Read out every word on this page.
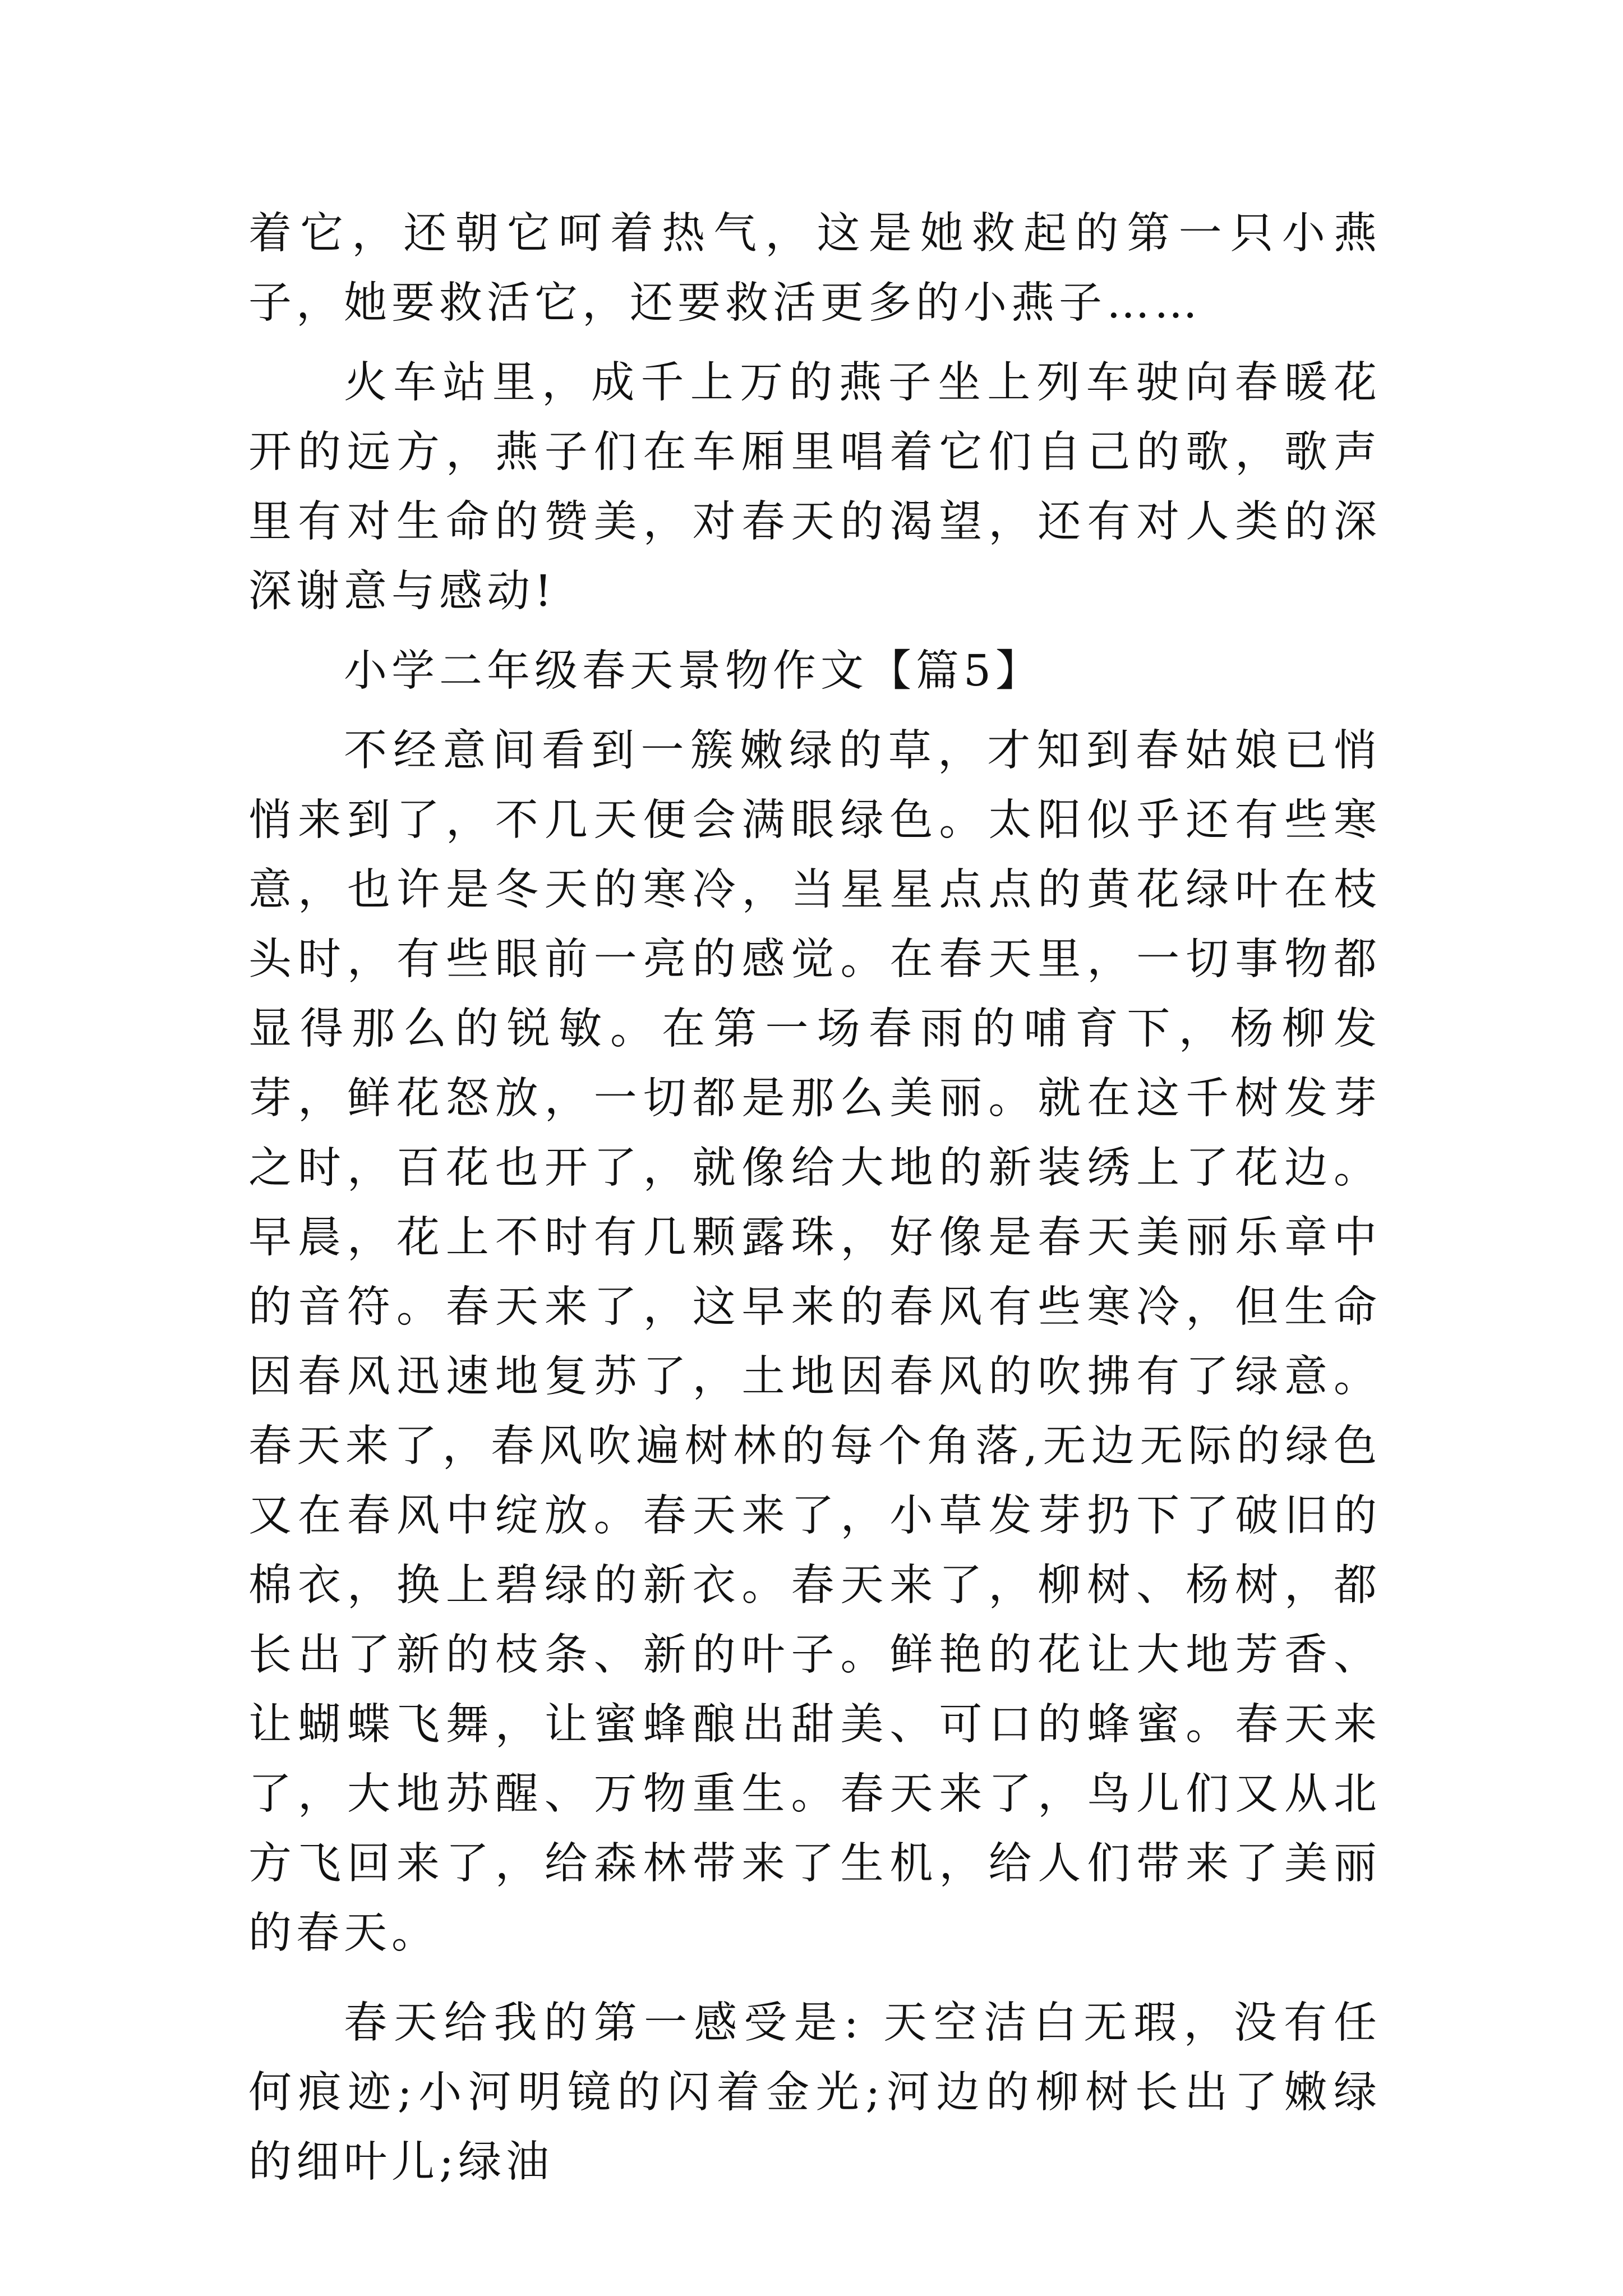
着它，还朝它呵着热气，这是她救起的第一只小燕子，她要救活它，还要救活更多的小燕子……

火车站里，成千上万的燕子坐上列车驶向春暖花开的远方，燕子们在车厢里唱着它们自己的歌，歌声里有对生命的赞美，对春天的渴望，还有对人类的深深谢意与感动!

小学二年级春天景物作文【篇5】

不经意间看到一簇嫩绿的草，才知到春姑娘已悄悄来到了，不几天便会满眼绿色。太阳似乎还有些寒意，也许是冬天的寒冷，当星星点点的黄花绿叶在枝头时，有些眼前一亮的感觉。在春天里，一切事物都显得那么的锐敏。在第一场春雨的哺育下，杨柳发芽，鲜花怒放，一切都是那么美丽。就在这千树发芽之时，百花也开了，就像给大地的新装绣上了花边。早晨，花上不时有几颗露珠，好像是春天美丽乐章中的音符。春天来了，这早来的春风有些寒冷，但生命因春风迅速地复苏了，土地因春风的吹拂有了绿意。春天来了，春风吹遍树林的每个角落,无边无际的绿色又在春风中绽放。春天来了，小草发芽扔下了破旧的棉衣，换上碧绿的新衣。春天来了，柳树、杨树，都长出了新的枝条、新的叶子。鲜艳的花让大地芳香、让蝴蝶飞舞，让蜜蜂酿出甜美、可口的蜂蜜。春天来了，大地苏醒、万物重生。春天来了，鸟儿们又从北方飞回来了，给森林带来了生机，给人们带来了美丽的春天。

春天给我的第一感受是: 天空洁白无瑕，没有任何痕迹;小河明镜的闪着金光;河边的柳树长出了嫩绿的细叶儿;绿油
